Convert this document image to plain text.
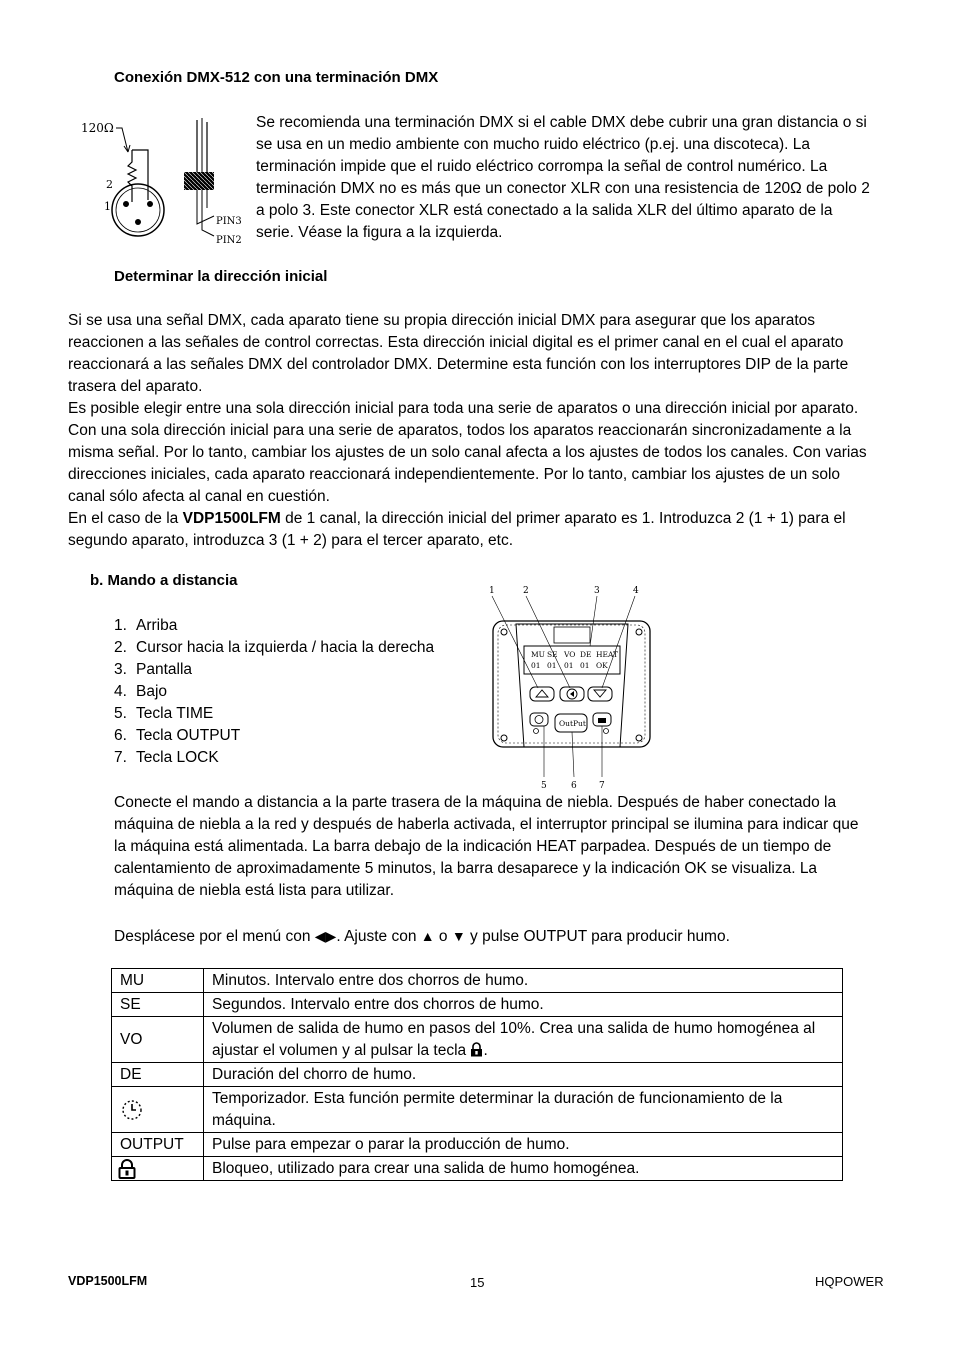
Conexión DMX-512 con una terminación DMX
120Ω
2
1
PIN3
PIN2
Se recomienda una terminación DMX si el cable DMX debe cubrir una gran distancia o si
se usa en un medio ambiente con mucho ruido eléctrico (p.ej. una discoteca). La
terminación impide que el ruido eléctrico corrompa la señal de control numérico. La
terminación DMX no es más que un conector XLR con una resistencia de 120Ω de polo 2
a polo 3. Este conector XLR está conectado a la salida XLR del último aparato de la
serie. Véase la figura a la izquierda.
Determinar la dirección inicial
Si se usa una señal DMX, cada aparato tiene su propia dirección inicial DMX para asegurar que los aparatos
reaccionen a las señales de control correctas. Esta dirección inicial digital es el primer canal en el cual el aparato
reaccionará a las señales DMX del controlador DMX. Determine esta función con los interruptores DIP de la parte
trasera del aparato.
Es posible elegir entre una sola dirección inicial para toda una serie de aparatos o una dirección inicial por aparato.
Con una sola dirección inicial para una serie de aparatos, todos los aparatos reaccionarán sincronizadamente a la
misma señal. Por lo tanto, cambiar los ajustes de un solo canal afecta a los ajustes de todos los canales. Con varias
direcciones iniciales, cada aparato reaccionará independientemente. Por lo tanto, cambiar los ajustes de un solo
canal sólo afecta al canal en cuestión.
En el caso de la VDP1500LFM de 1 canal, la dirección inicial del primer aparato es 1. Introduzca 2 (1 + 1) para el
segundo aparato, introduzca 3 (1 + 2) para el tercer aparato, etc.
b. Mando a distancia
1. Arriba
2. Cursor hacia la izquierda / hacia la derecha
3. Pantalla
4. Bajo
5. Tecla TIME
6. Tecla OUTPUT
7. Tecla LOCK
1	2	3	4
5	6 7
MU SE VO DE HEAT
01 01 01 01 OK
OutPut
Conecte el mando a distancia a la parte trasera de la máquina de niebla. Después de haber conectado la
máquina de niebla a la red y después de haberla activada, el interruptor principal se ilumina para indicar que
la máquina está alimentada. La barra debajo de la indicación HEAT parpadea. Después de un tiempo de
calentamiento de aproximadamente 5 minutos, la barra desaparece y la indicación OK se visualiza. La
máquina de niebla está lista para utilizar.
Desplácese por el menú con ◀▶. Ajuste con ▲ o ▼ y pulse OUTPUT para producir humo.
MU	Minutos. Intervalo entre dos chorros de humo.
SE	Segundos. Intervalo entre dos chorros de humo.
VO	Volumen de salida de humo en pasos del 10%. Crea una salida de humo homogénea al
ajustar el volumen y al pulsar la tecla .

DE	Duración del chorro de humo.

Temporizador. Esta función permite determinar la duración de funcionamiento de la
máquina.

OUTPUT	Pulse para empezar o parar la producción de humo.
	Bloqueo, utilizado para crear una salida de humo homogénea.
VDP1500LFM	15	HQPOWER
